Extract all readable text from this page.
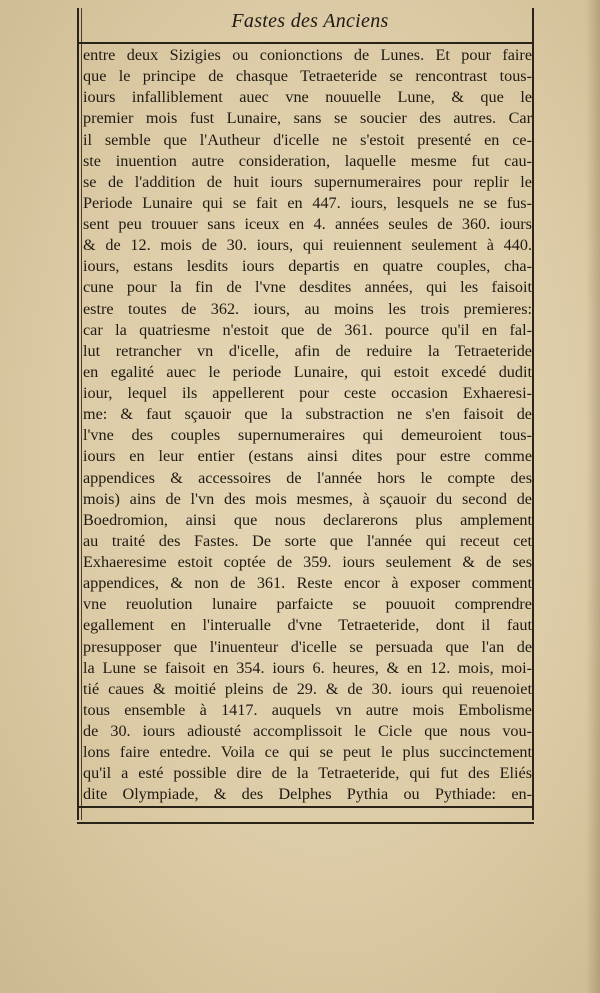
Fastes des Anciens
entre deux Sizigies ou conionctions de Lunes. Et pour faire
que le principe de chasque Tetraeteride se rencontrast tous-
iours infalliblement auec vne nouuelle Lune, & que le
premier mois fust Lunaire, sans se soucier des autres. Car
il semble que l'Autheur d'icelle ne s'estoit presenté en ce-
ste inuention autre consideration, laquelle mesme fut cau-
se de l'addition de huit iours supernumeraires pour replir le
Periode Lunaire qui se fait en 447. iours, lesquels ne se fus-
sent peu trouuer sans iceux en 4. années seules de 360. iours
& de 12. mois de 30. iours, qui reuiennent seulement à 440.
iours, estans lesdits iours departis en quatre couples, cha-
cune pour la fin de l'vne desdites années, qui les faisoit
estre toutes de 362. iours, au moins les trois premieres:
car la quatriesme n'estoit que de 361. pource qu'il en fal-
lut retrancher vn d'icelle, afin de reduire la Tetraeteride
en egalité auec le periode Lunaire, qui estoit excedé dudit
iour, lequel ils appellerent pour ceste occasion Exhaeresi-
me: & faut sçauoir que la substraction ne s'en faisoit de
l'vne des couples supernumeraires qui demeuroient tous-
iours en leur entier (estans ainsi dites pour estre comme
appendices & accessoires de l'année hors le compte des
mois) ains de l'vn des mois mesmes, à sçauoir du second de
Boedromion, ainsi que nous declarerons plus amplement
au traité des Fastes. De sorte que l'année qui receut cet
Exhaeresime estoit coptée de 359. iours seulement & de ses
appendices, & non de 361. Reste encor à exposer comment
vne reuolution lunaire parfaicte se pouuoit comprendre
egallement en l'interualle d'vne Tetraeteride, dont il faut
presupposer que l'inuenteur d'icelle se persuada que l'an de
la Lune se faisoit en 354. iours 6. heures, & en 12. mois, moi-
tié caues & moitié pleins de 29. & de 30. iours qui reuenoiet
tous ensemble à 1417. auquels vn autre mois Embolisme
de 30. iours adiousté accomplissoit le Cicle que nous vou-
lons faire entedre. Voila ce qui se peut le plus succinctement
qu'il a esté possible dire de la Tetraeteride, qui fut des Eliés
dite Olympiade, & des Delphes Pythia ou Pythiade: en-
